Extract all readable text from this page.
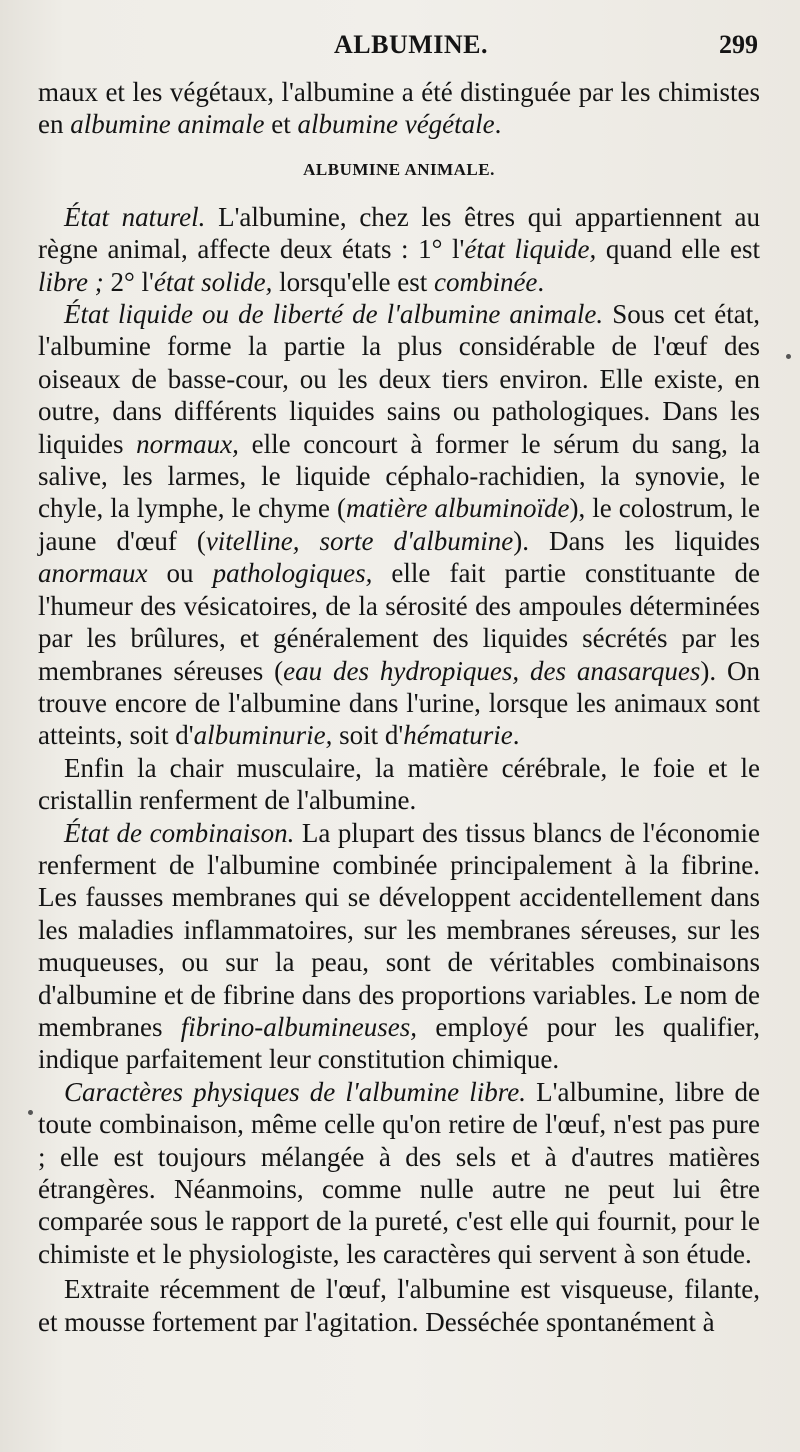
ALBUMINE.	299

maux et les végétaux, l'albumine a été distinguée par les chimistes en albumine animale et albumine végétale.

ALBUMINE ANIMALE.

État naturel. L'albumine, chez les êtres qui appartiennent au règne animal, affecte deux états : 1° l'état liquide, quand elle est libre ; 2° l'état solide, lorsqu'elle est combinée.

État liquide ou de liberté de l'albumine animale. Sous cet état, l'albumine forme la partie la plus considérable de l'œuf des oiseaux de basse-cour, ou les deux tiers environ. Elle existe, en outre, dans différents liquides sains ou pathologiques. Dans les liquides normaux, elle concourt à former le sérum du sang, la salive, les larmes, le liquide céphalo-rachidien, la synovie, le chyle, la lymphe, le chyme (matière albuminoïde), le colostrum, le jaune d'œuf (vitelline, sorte d'albumine). Dans les liquides anormaux ou pathologiques, elle fait partie constituante de l'humeur des vésicatoires, de la sérosité des ampoules déterminées par les brûlures, et généralement des liquides sécrétés par les membranes séreuses (eau des hydropiques, des anasarques). On trouve encore de l'albumine dans l'urine, lorsque les animaux sont atteints, soit d'albuminurie, soit d'hématurie.

Enfin la chair musculaire, la matière cérébrale, le foie et le cristallin renferment de l'albumine.

État de combinaison. La plupart des tissus blancs de l'économie renferment de l'albumine combinée principalement à la fibrine. Les fausses membranes qui se développent accidentellement dans les maladies inflammatoires, sur les membranes séreuses, sur les muqueuses, ou sur la peau, sont de véritables combinaisons d'albumine et de fibrine dans des proportions variables. Le nom de membranes fibrino-albumineuses, employé pour les qualifier, indique parfaitement leur constitution chimique.

Caractères physiques de l'albumine libre. L'albumine, libre de toute combinaison, même celle qu'on retire de l'œuf, n'est pas pure ; elle est toujours mélangée à des sels et à d'autres matières étrangères. Néanmoins, comme nulle autre ne peut lui être comparée sous le rapport de la pureté, c'est elle qui fournit, pour le chimiste et le physiologiste, les caractères qui servent à son étude.

Extraite récemment de l'œuf, l'albumine est visqueuse, filante, et mousse fortement par l'agitation. Desséchée spontanément à
